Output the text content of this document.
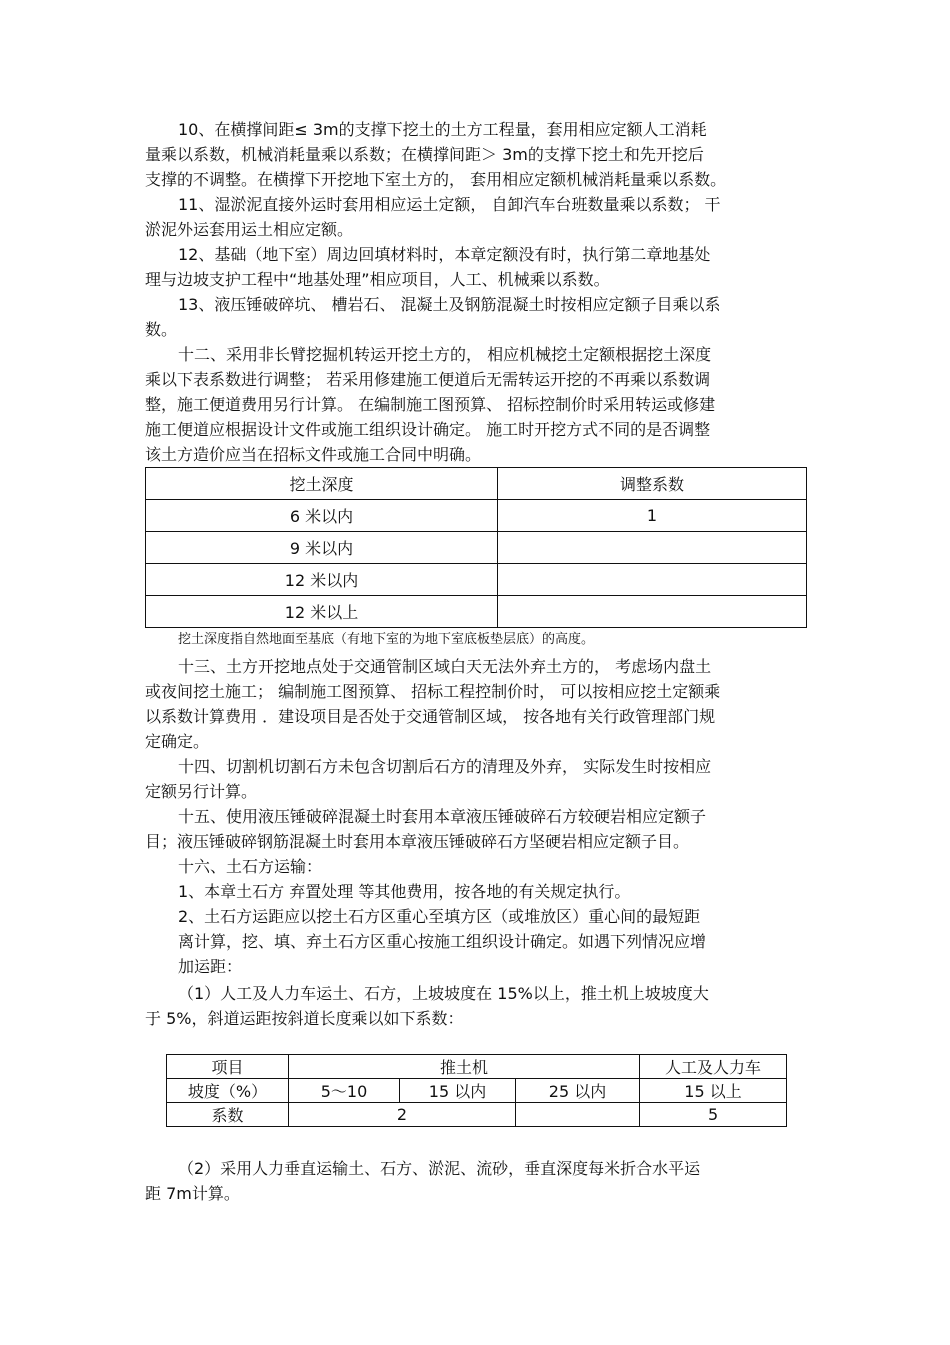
10、在横撑间距≤ 3m的支撑下挖土的土方工程量，套用相应定额人工消耗
量乘以系数，机械消耗量乘以系数；在横撑间距＞ 3m的支撑下挖土和先开挖后
支撑的不调整。在横撑下开挖地下室土方的， 套用相应定额机械消耗量乘以系数。
11、湿淤泥直接外运时套用相应运土定额， 自卸汽车台班数量乘以系数； 干
淤泥外运套用运土相应定额。
12、基础（地下室）周边回填材料时，本章定额没有时，执行第二章地基处
理与边坡支护工程中“地基处理”相应项目，人工、机械乘以系数。
13、液压锤破碎坑、 槽岩石、 混凝土及钢筋混凝土时按相应定额子目乘以系
数。
十二、采用非长臂挖掘机转运开挖土方的， 相应机械挖土定额根据挖土深度
乘以下表系数进行调整； 若采用修建施工便道后无需转运开挖的不再乘以系数调
整，施工便道费用另行计算。 在编制施工图预算、 招标控制价时采用转运或修建
施工便道应根据设计文件或施工组织设计确定。 施工时开挖方式不同的是否调整
该土方造价应当在招标文件或施工合同中明确。
挖土深度	调整系数
6 米以内	1
9 米以内	
12 米以内	
12 米以上	
挖土深度指自然地面至基底（有地下室的为地下室底板垫层底）的高度。
十三、土方开挖地点处于交通管制区域白天无法外弃土方的， 考虑场内盘土
或夜间挖土施工； 编制施工图预算、 招标工程控制价时， 可以按相应挖土定额乘
以系数计算费用 ．建设项目是否处于交通管制区域， 按各地有关行政管理部门规
定确定。
十四、切割机切割石方未包含切割后石方的清理及外弃， 实际发生时按相应
定额另行计算。
十五、使用液压锤破碎混凝土时套用本章液压锤破碎石方较硬岩相应定额子
目；液压锤破碎钢筋混凝土时套用本章液压锤破碎石方坚硬岩相应定额子目。
十六、土石方运输：
1、本章土石方 弃置处理 等其他费用，按各地的有关规定执行。
2、土石方运距应以挖土石方区重心至填方区（或堆放区）重心间的最短距
离计算，挖、填、弃土石方区重心按施工组织设计确定。如遇下列情况应增
加运距：
（1）人工及人力车运土、石方，上坡坡度在 15%以上，推土机上坡坡度大
于 5%，斜道运距按斜道长度乘以如下系数：
项目	推土机			人工及人力车
坡度（%）	5～10	15 以内	25 以内	15 以上
系数	2			5
（2）采用人力垂直运输土、石方、淤泥、流砂，垂直深度每米折合水平运
距 7m计算。
